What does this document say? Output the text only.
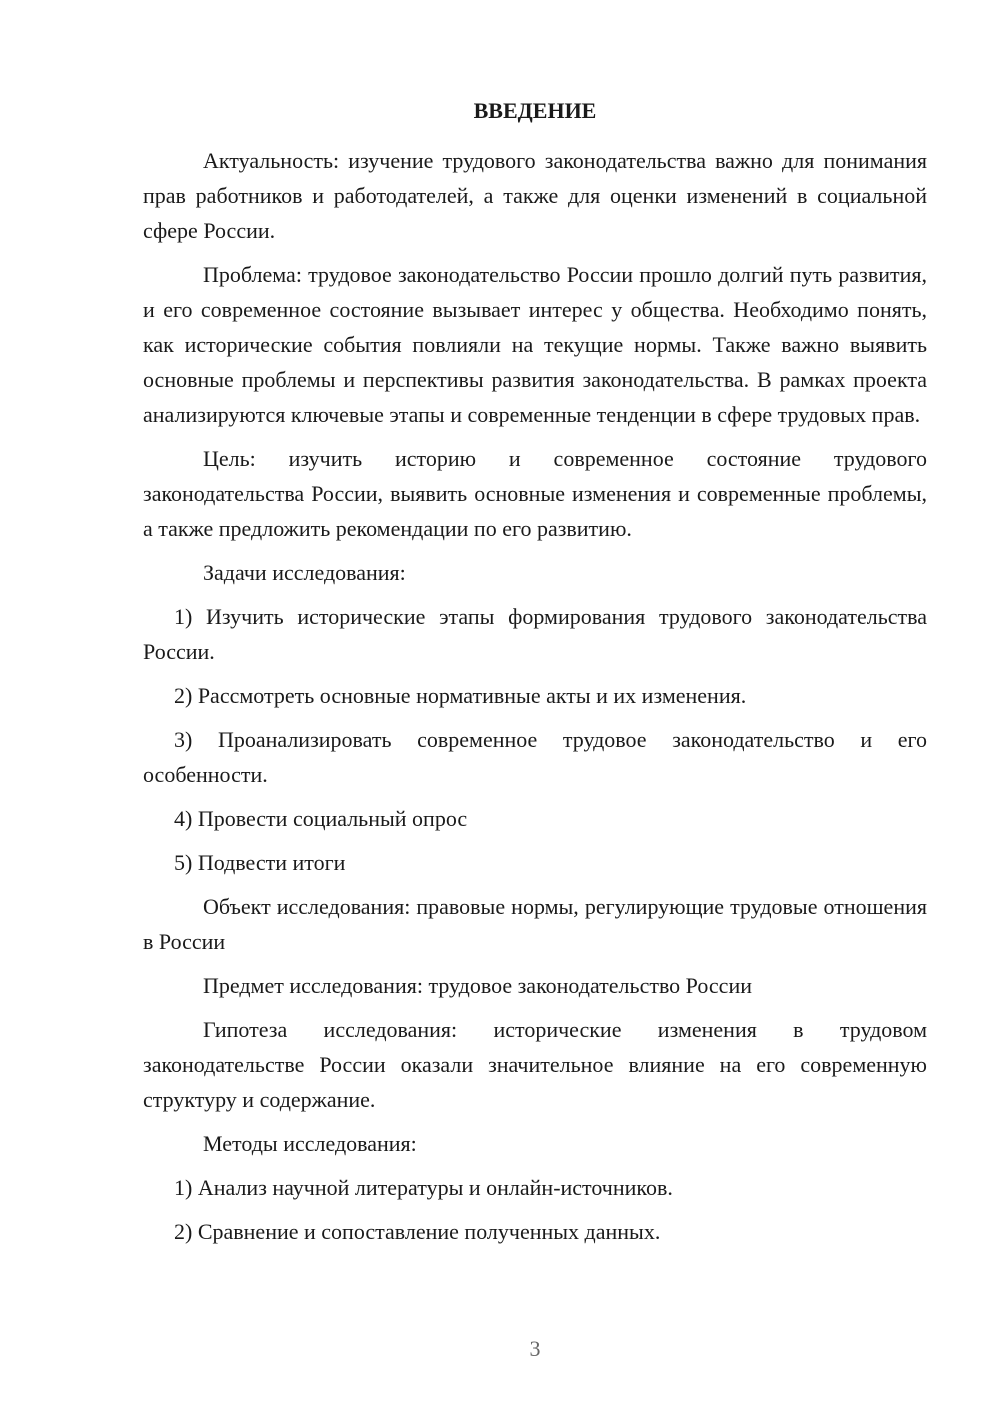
ВВЕДЕНИЕ

Актуальность: изучение трудового законодательства важно для понимания прав работников и работодателей, а также для оценки изменений в социальной сфере России.

Проблема: трудовое законодательство России прошло долгий путь развития, и его современное состояние вызывает интерес у общества. Необходимо понять, как исторические события повлияли на текущие нормы. Также важно выявить основные проблемы и перспективы развития законодательства. В рамках проекта анализируются ключевые этапы и современные тенденции в сфере трудовых прав.

Цель: изучить историю и современное состояние трудового законодательства России, выявить основные изменения и современные проблемы, а также предложить рекомендации по его развитию.

Задачи исследования:

1) Изучить исторические этапы формирования трудового законодательства России.

2) Рассмотреть основные нормативные акты и их изменения.

3) Проанализировать современное трудовое законодательство и его особенности.

4) Провести социальный опрос

5) Подвести итоги

Объект исследования: правовые нормы, регулирующие трудовые отношения в России

Предмет исследования: трудовое законодательство России

Гипотеза исследования: исторические изменения в трудовом законодательстве России оказали значительное влияние на его современную структуру и содержание.

Методы исследования:

1) Анализ научной литературы и онлайн-источников.

2) Сравнение и сопоставление полученных данных.

3
